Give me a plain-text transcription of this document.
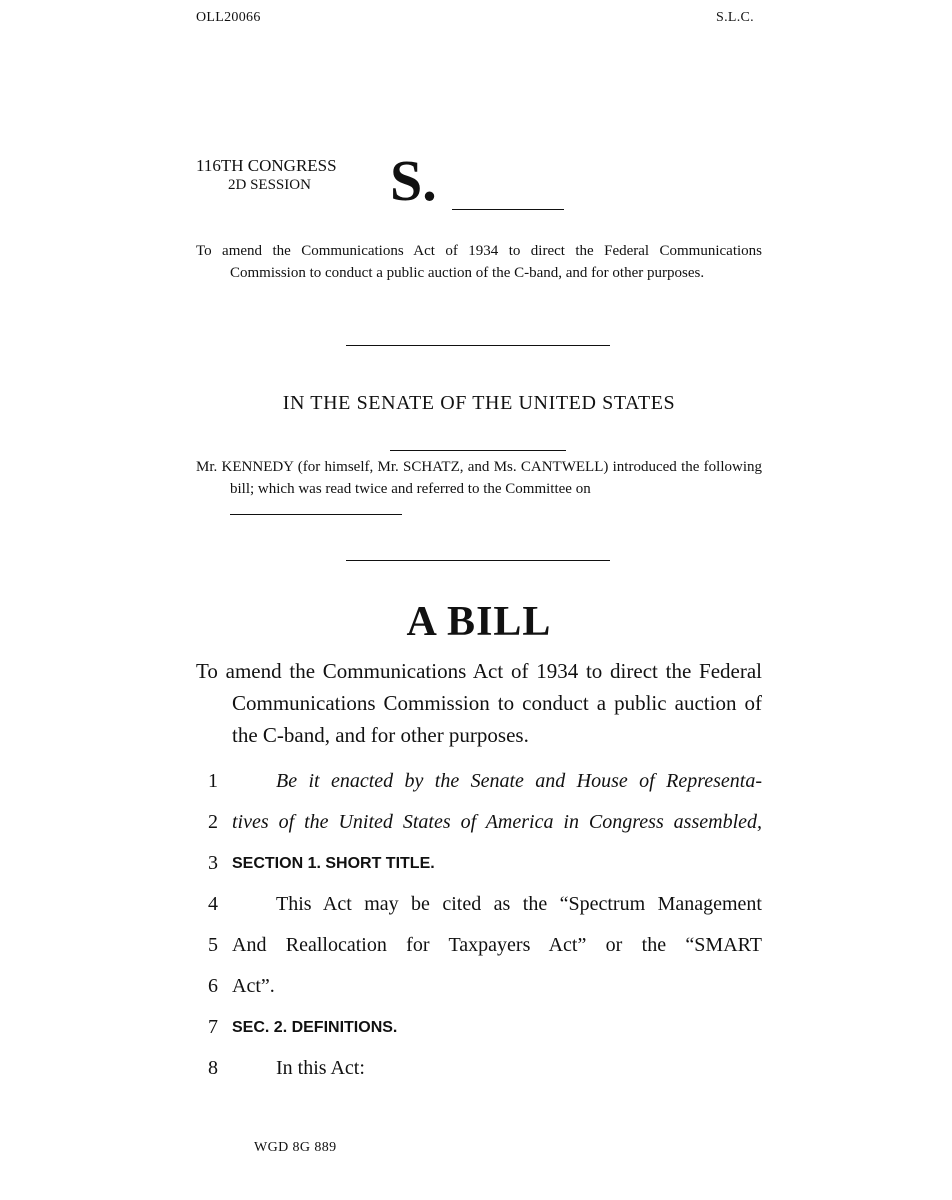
OLL20066	S.L.C.
116TH CONGRESS
2D SESSION S.
To amend the Communications Act of 1934 to direct the Federal Communications Commission to conduct a public auction of the C-band, and for other purposes.
IN THE SENATE OF THE UNITED STATES
Mr. KENNEDY (for himself, Mr. SCHATZ, and Ms. CANTWELL) introduced the following bill; which was read twice and referred to the Committee on
A BILL
To amend the Communications Act of 1934 to direct the Federal Communications Commission to conduct a public auction of the C-band, and for other purposes.
1	Be it enacted by the Senate and House of Representa-
2 tives of the United States of America in Congress assembled,
3 SECTION 1. SHORT TITLE.
4	This Act may be cited as the “Spectrum Management
5 And Reallocation for Taxpayers Act” or the “SMART
6 Act”.
7 SEC. 2. DEFINITIONS.
8	In this Act:
WGD 8G 889
